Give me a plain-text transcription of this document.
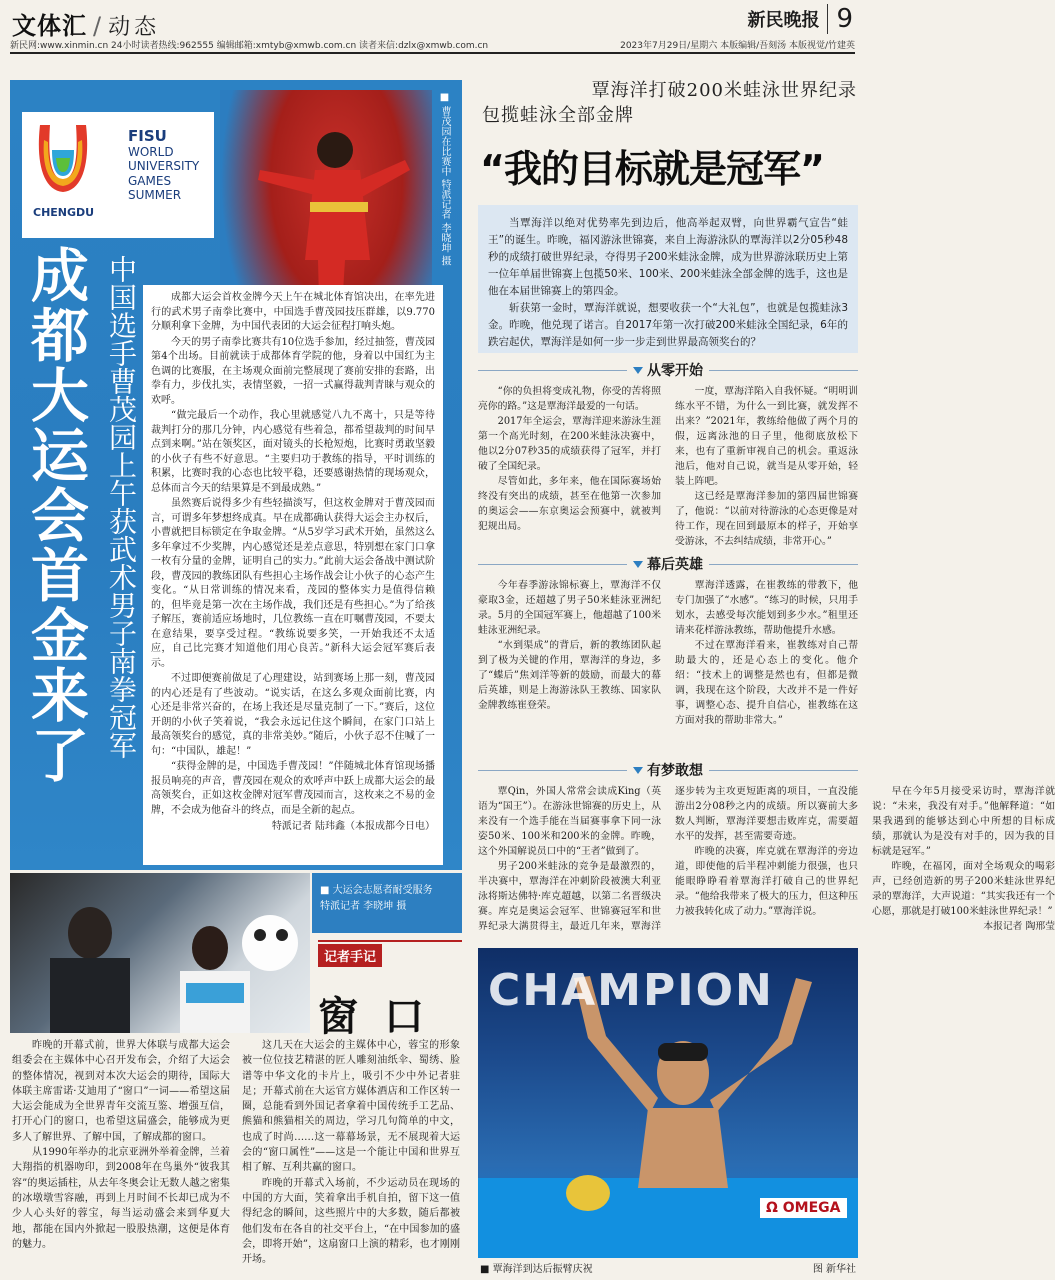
文体汇 / 动态	新民晚报 9
新民网:www.xinmin.cn 24小时读者热线:962555 编辑邮箱:xmtyb@xmwb.com.cn 读者来信:dzlx@xmwb.com.cn	2023年7月29日/星期六 本版编辑/吾刻汤 本版视觉/竹建英
■ 曹茂园在比赛中 特派记者 李晓坤 摄
CHENGDU
FISU
WORLD
UNIVERSITY
GAMES
SUMMER
成都大运会首金来了 中国选手曹茂园上午获武术男子南拳冠军	成都大运会首枚金牌今天上午在城北体育馆决出，在率先进行的武术男子南拳比赛中，中国选手曹茂园技压群雄，以9.770分顺利拿下金牌，为中国代表团的大运会征程打响头炮。

今天的男子南拳比赛共有10位选手参加，经过抽签，曹茂园第4个出场。目前就读于成都体育学院的他，身着以中国红为主色调的比赛服，在主场观众面前完整展现了赛前安排的套路，出拳有力，步伐扎实，表情坚毅，一招一式赢得裁判青睐与观众的欢呼。

“做完最后一个动作，我心里就感觉八九不离十，只是等待裁判打分的那几分钟，内心感觉有些着急，都希望裁判的时间早点到来啊。”站在领奖区，面对镜头的长枪短炮，比赛时勇敢坚毅的小伙子有些不好意思。“主要归功于教练的指导，平时训练的积累，比赛时我的心态也比较平稳，还要感谢热情的现场观众，总体而言今天的结果算是不到最成熟。”

虽然赛后说得多少有些轻描淡写，但这枚金牌对于曹茂园而言，可谓多年梦想终成真。早在成都确认获得大运会主办权后，小曹就把目标锁定在争取金牌。“从5岁学习武术开始，虽然这么多年拿过不少奖牌，内心感觉还是差点意思，特别想在家门口拿一枚有分量的金牌，证明自己的实力。”此前大运会备战中测试阶段，曹茂园的教练团队有些担心主场作战会让小伙子的心态产生变化。“从日常训练的情况来看，茂园的整体实力是值得信赖的，但毕竟是第一次在主场作战，我们还是有些担心。”为了给孩子解压，赛前适应场地时，几位教练一直在叮嘱曹茂园，不要太在意结果，要享受过程。“教练说要多笑，一开始我还不太适应，自己比完赛才知道他们用心良苦。”新科大运会冠军赛后表示。

不过即便赛前做足了心理建设，站到赛场上那一刻，曹茂园的内心还是有了些波动。“说实话，在这么多观众面前比赛，内心还是非常兴奋的，在场上我还是尽量克制了一下。”赛后，这位开朗的小伙子笑着说，“我会永远记住这个瞬间，在家门口站上最高领奖台的感觉，真的非常美妙。”随后，小伙子忍不住喊了一句：“中国队，雄起！”

“获得金牌的是，中国选手曹茂园！”伴随城北体育馆现场播报员响亮的声音，曹茂园在观众的欢呼声中跃上成都大运会的最高领奖台，正如这枚金牌对冠军曹茂园而言，这枚来之不易的金牌，不会成为他奋斗的终点，而是全新的起点。

特派记者 陆玮鑫（本报成都今日电）
■ 大运会志愿者耐受服务
特派记者 李晓坤 摄
记者手记
窗口

昨晚的开幕式前，世界大体联与成都大运会组委会在主媒体中心召开发布会，介绍了大运会的整体情况，视到对本次大运会的期待，国际大体联主席雷诺·艾迪用了“窗口”一词——希望这届大运会能成为全世界青年交流互鉴、增强互信，打开心门的窗口，也希望这届盛会，能够成为更多人了解世界、了解中国，了解成都的窗口。

从1990年举办的北京亚洲外举着金牌，兰着大翔指的机器吻印，到2008年在鸟巢外“彼我其容”的奥运插柱，从去年冬奥会让无数人越之密集的冰墩墩雪容融，再到上月时间不长却已成为不少人心头好的蓉宝，每当运动盛会来到华夏大地，都能在国内外掀起一股股热潮，这便是体育的魅力。

这几天在大运会的主媒体中心，蓉宝的形象被一位位技艺精湛的匠人雕刻油纸伞、蜀绣、脸谱等中华文化的卡片上，吸引不少中外记者驻足；开幕式前在大运官方媒体酒店和工作区转一圈，总能看到外国记者拿着中国传统手工艺品、熊猫和熊猫相关的周边，学习几句简单的中文，也成了时尚……这一幕幕场景，无不展现着大运会的“窗口属性”——这是一个能让中国和世界互相了解、互利共赢的窗口。

昨晚的开幕式入场前，不少运动员在现场的中国的方大面，笑着拿出手机自拍，留下这一值得纪念的瞬间，这些照片中的大多数，随后都被他们发布在各自的社交平台上，“在中国参加的盛会，即将开始”，这扇窗口上演的精彩，也才刚刚开场。

覃海洋打破200米蛙泳世界纪录
包揽蛙泳全部金牌
“我的目标就是冠军”

当覃海洋以绝对优势率先到边后，他高举起双臂，向世界霸气宣告“蛙王”的诞生。昨晚，福冈游泳世锦赛，来自上海游泳队的覃海洋以2分05秒48秒的成绩打破世界纪录，夺得男子200米蛙泳金牌，成为世界游泳联历史上第一位年单届世锦赛上包揽50米、100米、200米蛙泳全部金牌的选手，这也是他在本届世锦赛上的第四金。

斩获第一金时，覃海洋就说，想要收获一个“大礼包”，也就是包揽蛙泳3金。昨晚，他兑现了诺言。自2017年第一次打破200米蛙泳全国纪录，6年的跌宕起伏，覃海洋是如何一步一步走到世界最高领奖台的？

从零开始

“你的负担将变成礼物，你受的苦将照亮你的路。”这是覃海洋最爱的一句话。

2017年全运会，覃海洋迎来游泳生涯第一个高光时刻，在200米蛙泳决赛中，他以2分07秒35的成绩获得了冠军，并打破了全国纪录。

尽管如此，多年来，他在国际赛场始终没有突出的成绩，甚至在他第一次参加的奥运会——东京奥运会预赛中，就被判犯规出局。

一度，覃海洋陷入自我怀疑。“明明训练水平不错，为什么一到比赛，就发挥不出来？”2021年，教练给他做了两个月的假，远离泳池的日子里，他彻底放松下来，也有了重新审视自己的机会。重返泳池后，他对自己说，就当是从零开始，轻装上阵吧。

这已经是覃海洋参加的第四届世锦赛了，他说：“以前对待游泳的心态更像是对待工作，现在回到最原本的样子，开始享受游泳，不去纠结成绩，非常开心。”

幕后英雄

今年春季游泳锦标赛上，覃海洋不仅豪取3金，还超越了男子50米蛙泳亚洲纪录。5月的全国冠军赛上，他超越了100米蛙泳亚洲纪录。

“水到渠成”的背后，新的教练团队起到了极为关键的作用，覃海洋的身边，多了“蝶后”焦刘洋等新的鼓励，而最大的幕后英雄，则是上海游泳队王教练、国家队金牌教练崔登荣。

覃海洋透露，在崔教练的带教下，他专门加强了“水感”。“练习的时候，只用手划水，去感受每次能划到多少水。”租里还请来花样游泳教练，帮助他提升水感。

不过在覃海洋看来，崔教练对自己帮助最大的，还是心态上的变化。他介绍：“技术上的调整是然也有，但都是微调，我现在这个阶段，大改并不是一件好事，调整心态、提升自信心，崔教练在这方面对我的帮助非常大。”

有梦敢想

覃Qin，外国人常常会读成King（英语为“国王”）。在游泳世锦赛的历史上，从来没有一个选手能在当届赛事拿下同一泳姿50米、100米和200米的金牌。昨晚，这个外国解说员口中的“王者”做到了。

男子200米蛙泳的竞争是最激烈的，半决赛中，覃海洋在冲刺阶段被澳大利亚泳将斯达佛特·库克超越，以第二名晋级决赛。库克是奥运会冠军、世锦赛冠军和世界纪录大满贯得主，最近几年来，覃海洋逐步转为主攻更短距离的项目，一直没能游出2分08秒之内的成绩。所以赛前大多数人判断，覃海洋要想击败库克，需要超水平的发挥，甚至需要奇迹。

昨晚的决赛，库克就在覃海洋的旁边道，即使他的后半程冲刺能力很强，也只能眼睁睁看着覃海洋打破自己的世界纪录。“他给我带来了极大的压力，但这种压力被我转化成了动力。”覃海洋说。

早在今年5月接受采访时，覃海洋就说：“未来，我没有对手。”他解释道：“如果我遇到的能够达到心中所想的目标成绩，那就认为是没有对手的，因为我的目标就是冠军。”

昨晚，在福冈，面对全场观众的喝彩声，已经创造新的男子200米蛙泳世界纪录的覃海洋，大声说道：“其实我还有一个心愿，那就是打破100米蛙泳世界纪录！”

本报记者 陶邢莹

CHAMPION
Ω OMEGA
■ 覃海洋到达后振臂庆祝	图 新华社
